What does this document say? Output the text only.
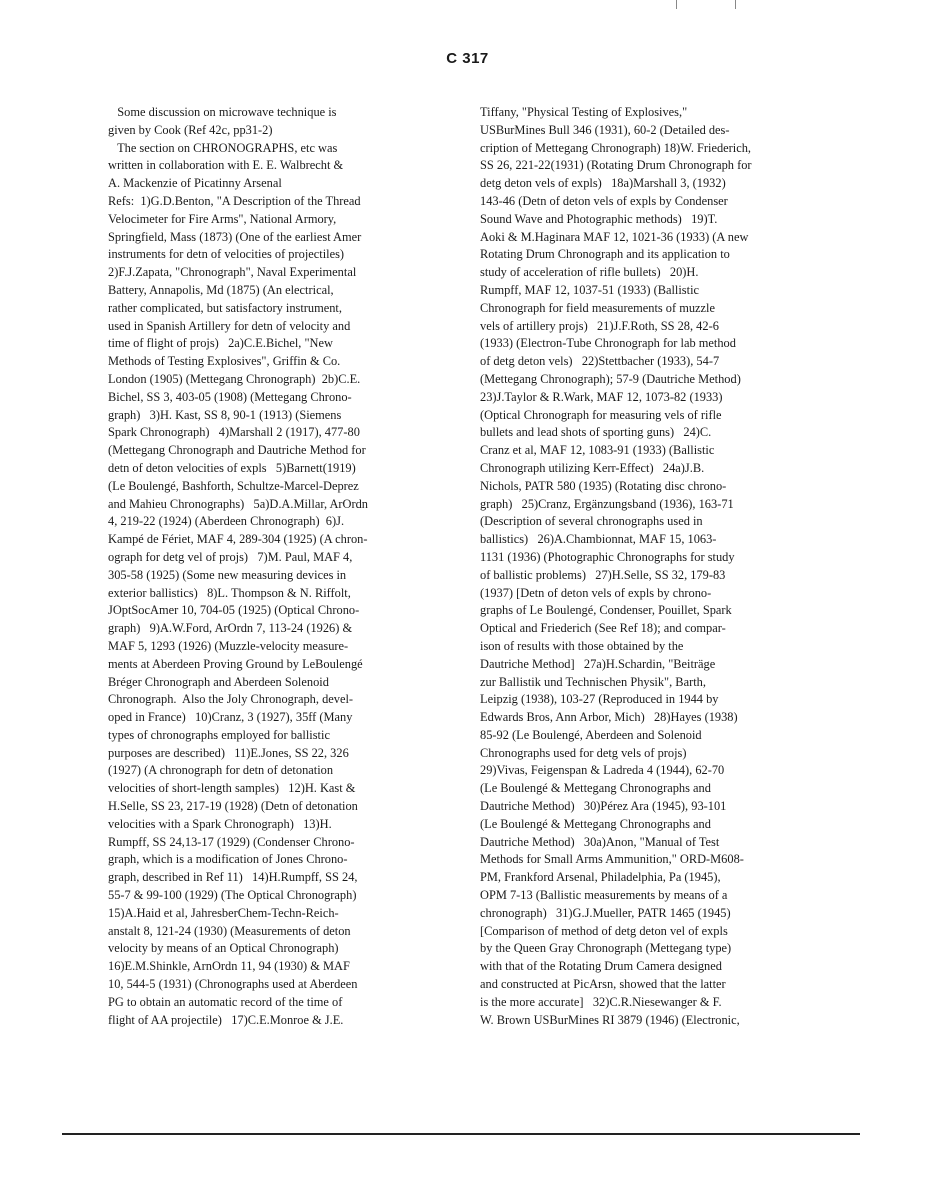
C 317

Some discussion on microwave technique is

given by Cook (Ref 42c, pp31-2)

The section on CHRONOGRAPHS, etc was

written in collaboration with E. E. Walbrecht &

A. Mackenzie of Picatinny Arsenal

Refs:  1)G.D.Benton, "A Description of the Thread

Velocimeter for Fire Arms", National Armory,

Springfield, Mass (1873) (One of the earliest Amer

instruments for detn of velocities of projectiles)

2)F.J.Zapata, "Chronograph", Naval Experimental

Battery, Annapolis, Md (1875) (An electrical,

rather complicated, but satisfactory instrument,

used in Spanish Artillery for detn of velocity and

time of flight of projs)   2a)C.E.Bichel, "New

Methods of Testing Explosives", Griffin & Co.

London (1905) (Mettegang Chronograph)  2b)C.E.

Bichel, SS 3, 403-05 (1908) (Mettegang Chrono-

graph)   3)H. Kast, SS 8, 90-1 (1913) (Siemens

Spark Chronograph)   4)Marshall 2 (1917), 477-80

(Mettegang Chronograph and Dautriche Method for

detn of deton velocities of expls   5)Barnett(1919)

(Le Boulengé, Bashforth, Schultze-Marcel-Deprez

and Mahieu Chronographs)   5a)D.A.Millar, ArOrdn

4, 219-22 (1924) (Aberdeen Chronograph)  6)J.

Kampé de Fériet, MAF 4, 289-304 (1925) (A chron-

ograph for detg vel of projs)   7)M. Paul, MAF 4,

305-58 (1925) (Some new measuring devices in

exterior ballistics)   8)L. Thompson & N. Riffolt,

JOptSocAmer 10, 704-05 (1925) (Optical Chrono-

graph)   9)A.W.Ford, ArOrdn 7, 113-24 (1926) &

MAF 5, 1293 (1926) (Muzzle-velocity measure-

ments at Aberdeen Proving Ground by LeBoulengé

Bréger Chronograph and Aberdeen Solenoid

Chronograph.  Also the Joly Chronograph, devel-

oped in France)   10)Cranz, 3 (1927), 35ff (Many

types of chronographs employed for ballistic

purposes are described)   11)E.Jones, SS 22, 326

(1927) (A chronograph for detn of detonation

velocities of short-length samples)   12)H. Kast &

H.Selle, SS 23, 217-19 (1928) (Detn of detonation

velocities with a Spark Chronograph)   13)H.

Rumpff, SS 24,13-17 (1929) (Condenser Chrono-

graph, which is a modification of Jones Chrono-

graph, described in Ref 11)   14)H.Rumpff, SS 24,

55-7 & 99-100 (1929) (The Optical Chronograph)

15)A.Haid et al, JahresberChem-Techn-Reich-

anstalt 8, 121-24 (1930) (Measurements of deton

velocity by means of an Optical Chronograph)

16)E.M.Shinkle, ArnOrdn 11, 94 (1930) & MAF

10, 544-5 (1931) (Chronographs used at Aberdeen

PG to obtain an automatic record of the time of

flight of AA projectile)   17)C.E.Monroe & J.E.

Tiffany, "Physical Testing of Explosives,"

USBurMines Bull 346 (1931), 60-2 (Detailed des-

cription of Mettegang Chronograph) 18)W. Friederich,

SS 26, 221-22(1931) (Rotating Drum Chronograph for

detg deton vels of expls)   18a)Marshall 3, (1932)

143-46 (Detn of deton vels of expls by Condenser

Sound Wave and Photographic methods)   19)T.

Aoki & M.Haginara MAF 12, 1021-36 (1933) (A new

Rotating Drum Chronograph and its application to

study of acceleration of rifle bullets)   20)H.

Rumpff, MAF 12, 1037-51 (1933) (Ballistic

Chronograph for field measurements of muzzle

vels of artillery projs)   21)J.F.Roth, SS 28, 42-6

(1933) (Electron-Tube Chronograph for lab method

of detg deton vels)   22)Stettbacher (1933), 54-7

(Mettegang Chronograph); 57-9 (Dautriche Method)

23)J.Taylor & R.Wark, MAF 12, 1073-82 (1933)

(Optical Chronograph for measuring vels of rifle

bullets and lead shots of sporting guns)   24)C.

Cranz et al, MAF 12, 1083-91 (1933) (Ballistic

Chronograph utilizing Kerr-Effect)   24a)J.B.

Nichols, PATR 580 (1935) (Rotating disc chrono-

graph)   25)Cranz, Ergänzungsband (1936), 163-71

(Description of several chronographs used in

ballistics)   26)A.Chambionnat, MAF 15, 1063-

1131 (1936) (Photographic Chronographs for study

of ballistic problems)   27)H.Selle, SS 32, 179-83

(1937) [Detn of deton vels of expls by chrono-

graphs of Le Boulengé, Condenser, Pouillet, Spark

Optical and Friederich (See Ref 18); and compar-

ison of results with those obtained by the

Dautriche Method]   27a)H.Schardin, "Beiträge

zur Ballistik und Technischen Physik", Barth,

Leipzig (1938), 103-27 (Reproduced in 1944 by

Edwards Bros, Ann Arbor, Mich)   28)Hayes (1938)

85-92 (Le Boulengé, Aberdeen and Solenoid

Chronographs used for detg vels of projs)

29)Vivas, Feigenspan & Ladreda 4 (1944), 62-70

(Le Boulengé & Mettegang Chronographs and

Dautriche Method)   30)Pérez Ara (1945), 93-101

(Le Boulengé & Mettegang Chronographs and

Dautriche Method)   30a)Anon, "Manual of Test

Methods for Small Arms Ammunition," ORD-M608-

PM, Frankford Arsenal, Philadelphia, Pa (1945),

OPM 7-13 (Ballistic measurements by means of a

chronograph)   31)G.J.Mueller, PATR 1465 (1945)

[Comparison of method of detg deton vel of expls

by the Queen Gray Chronograph (Mettegang type)

with that of the Rotating Drum Camera designed

and constructed at PicArsn, showed that the latter

is the more accurate]   32)C.R.Niesewanger & F.

W. Brown USBurMines RI 3879 (1946) (Electronic,
